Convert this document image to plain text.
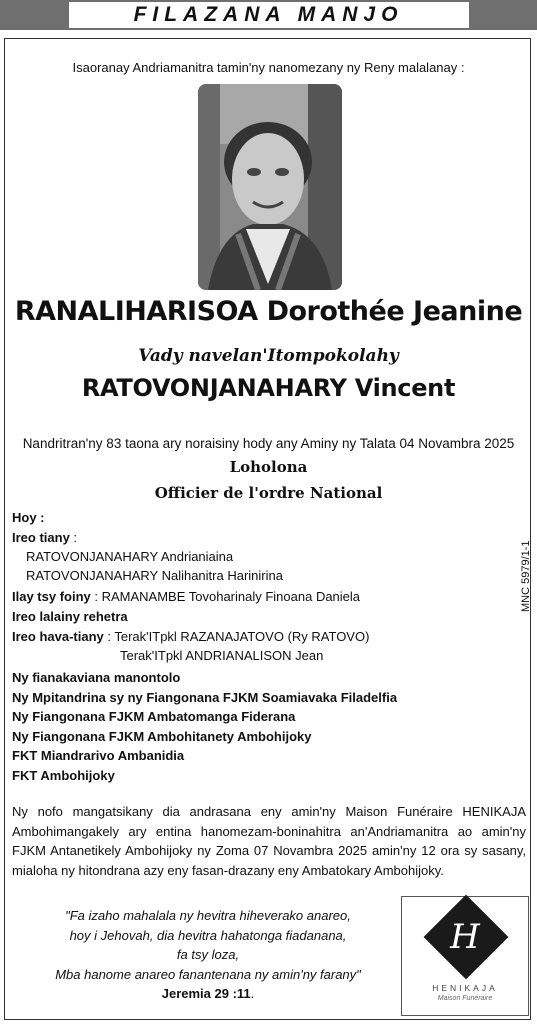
FILAZANA MANJO
Isaoranay Andriamanitra tamin'ny nanomezany ny Reny malalanay :
RANALIHARISOA Dorothée Jeanine
Vady navelan'Itompokolahy
RATOVONJANAHARY Vincent
Nandritran'ny 83 taona ary noraisiny hody any Aminy ny Talata 04 Novambra 2025
Loholona
Officier de l'ordre National
Hoy :
Ireo tiany :
RATOVONJANAHARY Andrianiaina
RATOVONJANAHARY Nalihanitra Harinirina
Ilay tsy foiny : RAMANAMBE Tovoharinaly Finoana Daniela
Ireo lalainy rehetra
Ireo hava-tiany : Terak'ITpkl RAZANAJATOVO (Ry RATOVO)
Terak'ITpkl ANDRIANALISON Jean
Ny fianakaviana manontolo
Ny Mpitandrina sy ny Fiangonana FJKM Soamiavaka Filadelfia
Ny Fiangonana FJKM Ambatomanga Fiderana
Ny Fiangonana FJKM Ambohitanety Ambohijoky
FKT Miandrarivo Ambanidia
FKT Ambohijoky
MNC 5979/1-1
Ny nofo mangatsikany dia andrasana eny amin'ny Maison Funéraire HENIKAJA Ambohimangakely ary entina hanomezam-boninahitra an'Andriamanitra ao amin'ny FJKM Antanetikely Ambohijoky ny Zoma 07 Novambra 2025 amin'ny 12 ora sy sasany, mialoha ny hitondrana azy eny fasan-drazany eny Ambatokary Ambohijoky.
"Fa izaho mahalala ny hevitra hiheverako anareo,
hoy i Jehovah, dia hevitra hahatonga fiadanana,
fa tsy loza,
Mba hanome anareo fanantenana ny amin'ny farany"
Jeremia 29 :11.
H
HENIKAJA
Maison Funéraire
